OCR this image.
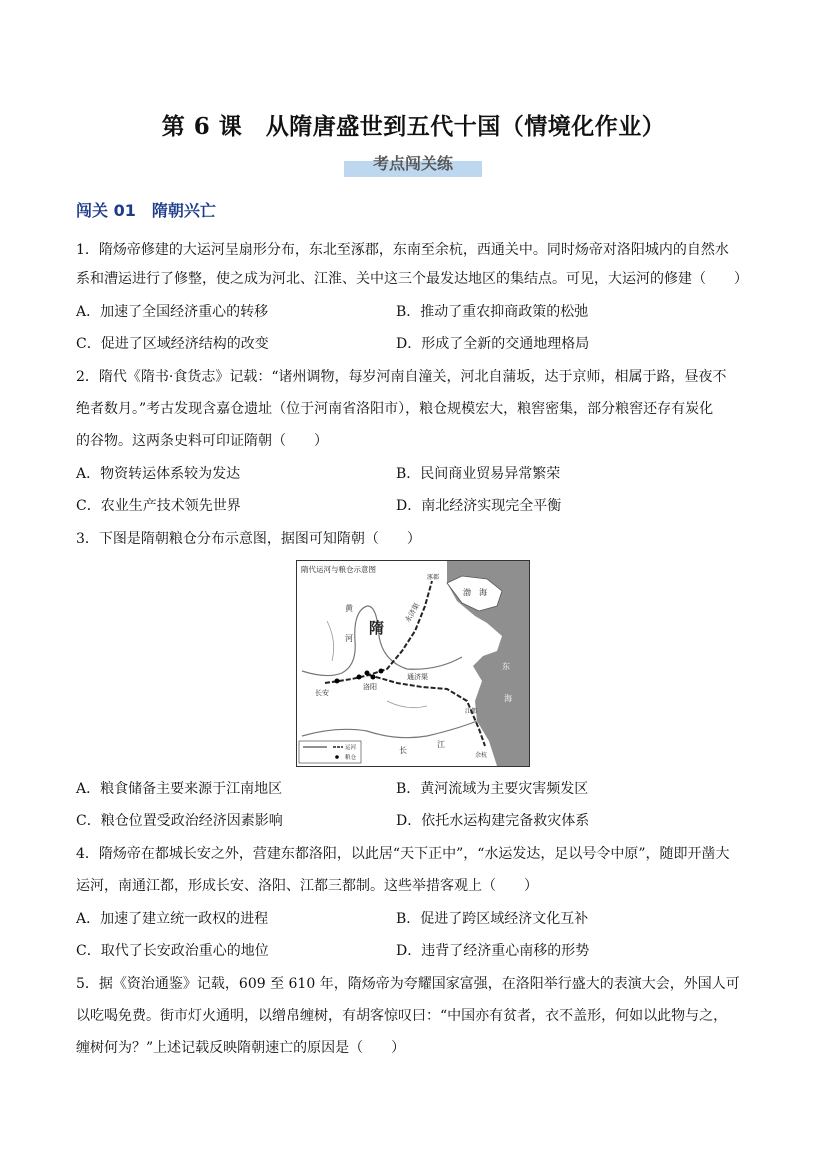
第 6 课　从隋唐盛世到五代十国（情境化作业）
考点闯关练
闯关 01　隋朝兴亡
1．隋炀帝修建的大运河呈扇形分布，东北至涿郡，东南至余杭，西通关中。同时炀帝对洛阳城内的自然水
系和漕运进行了修整，使之成为河北、江淮、关中这三个最发达地区的集结点。可见，大运河的修建（　　）
A．加速了全国经济重心的转移	B．推动了重农抑商政策的松弛
C．促进了区域经济结构的改变	D．形成了全新的交通地理格局
2．隋代《隋书·食货志》记载：“诸州调物，每岁河南自潼关，河北自蒲坂，达于京师，相属于路，昼夜不
绝者数月。”考古发现含嘉仓遗址（位于河南省洛阳市），粮仓规模宏大，粮窖密集，部分粮窖还存有炭化
的谷物。这两条史料可印证隋朝（　　）
A．物资转运体系较为发达	B．民间商业贸易异常繁荣
C．农业生产技术领先世界	D．南北经济实现完全平衡
3．下图是隋朝粮仓分布示意图，据图可知隋朝（　　）
隋代运河与粮仓示意图
隋
渤　海
东
海
长安
洛阳
涿郡
余杭
江都
黄
河
长
江
永济渠
通济渠
运河
粮仓
A．粮食储备主要来源于江南地区	B．黄河流域为主要灾害频发区
C．粮仓位置受政治经济因素影响	D．依托水运构建完备救灾体系
4．隋炀帝在都城长安之外，营建东都洛阳，以此居“天下正中”，“水运发达，足以号令中原”，随即开凿大
运河，南通江都，形成长安、洛阳、江都三都制。这些举措客观上（　　）
A．加速了建立统一政权的进程	B．促进了跨区域经济文化互补
C．取代了长安政治重心的地位	D．违背了经济重心南移的形势
5．据《资治通鉴》记载，609 至 610 年，隋炀帝为夸耀国家富强，在洛阳举行盛大的表演大会，外国人可
以吃喝免费。街市灯火通明，以缯帛缠树，有胡客惊叹曰：“中国亦有贫者，衣不盖形，何如以此物与之，
缠树何为？”上述记载反映隋朝速亡的原因是（　　）
